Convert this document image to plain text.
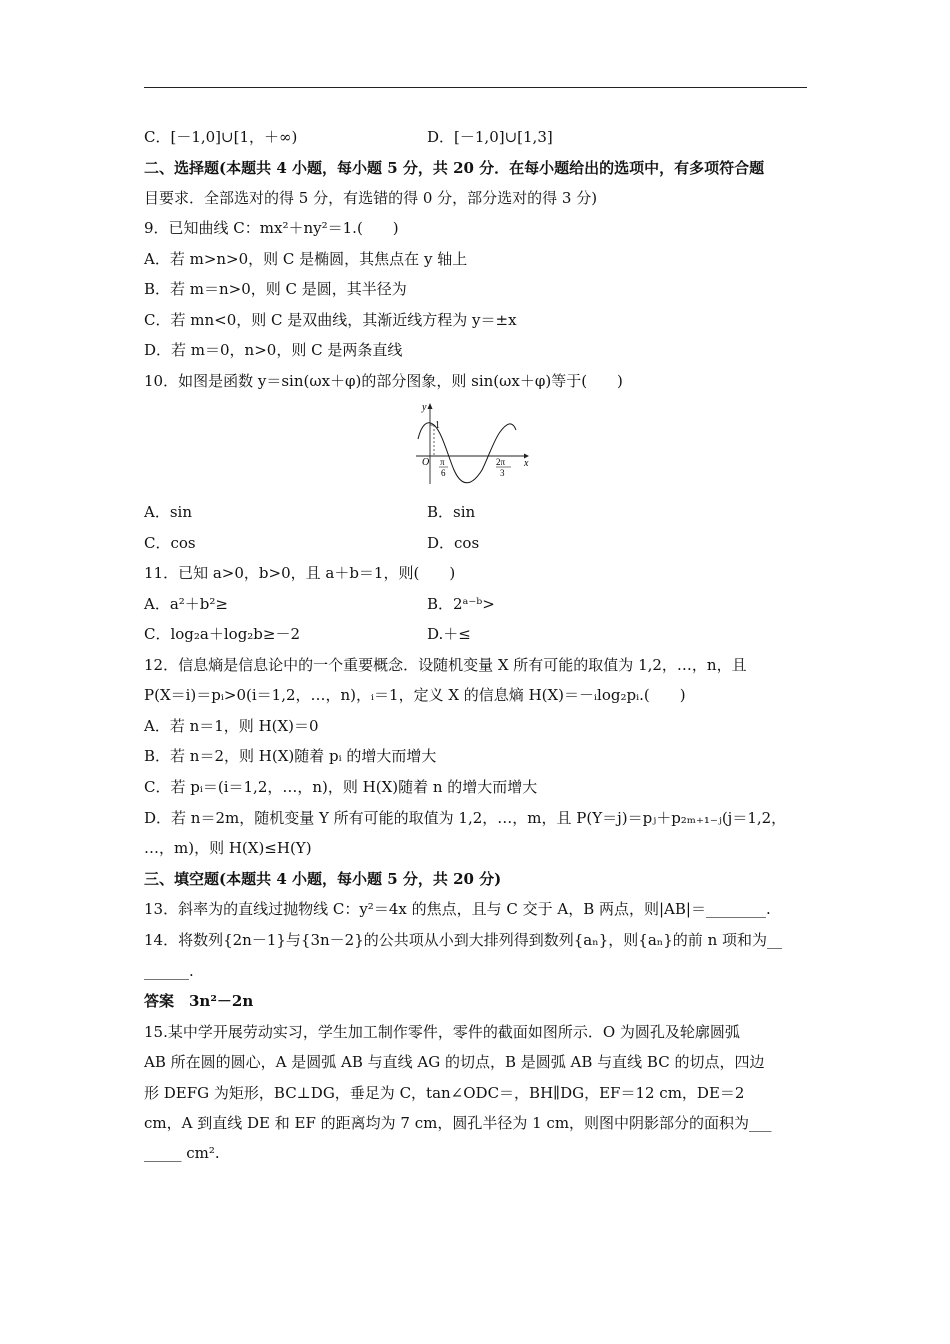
C．[－1,0]∪[1，＋∞)	D．[－1,0]∪[1,3]
二、选择题(本题共 4 小题，每小题 5 分，共 20 分．在每小题给出的选项中，有多项符合题
目要求．全部选对的得 5 分，有选错的得 0 分，部分选对的得 3 分)
9．已知曲线 C：mx²＋ny²＝1.(　　)
A．若 m>n>0，则 C 是椭圆，其焦点在 y 轴上
B．若 m＝n>0，则 C 是圆，其半径为
C．若 mn<0，则 C 是双曲线，其渐近线方程为 y＝±x
D．若 m＝0，n>0，则 C 是两条直线
10．如图是函数 y＝sin(ωx＋φ)的部分图象，则 sin(ωx＋φ)等于(　　)
y
x
O
1
π
6
2π
3
A．sin	B．sin
C．cos	D．cos
11．已知 a>0，b>0，且 a＋b＝1，则(　　)
A．a²＋b²≥	B．2ᵃ⁻ᵇ>
C．log₂a＋log₂b≥－2	D.＋≤
12．信息熵是信息论中的一个重要概念．设随机变量 X 所有可能的取值为 1,2，…，n，且
P(X＝i)＝pᵢ>0(i＝1,2，…，n)，ᵢ＝1，定义 X 的信息熵 H(X)＝－ᵢlog₂pᵢ.(　　)
A．若 n＝1，则 H(X)＝0
B．若 n＝2，则 H(X)随着 pᵢ 的增大而增大
C．若 pᵢ＝(i＝1,2，…，n)，则 H(X)随着 n 的增大而增大
D．若 n＝2m，随机变量 Y 所有可能的取值为 1,2，…，m，且 P(Y＝j)＝pⱼ＋p₂ₘ₊₁₋ⱼ(j＝1,2，
…，m)，则 H(X)≤H(Y)
三、填空题(本题共 4 小题，每小题 5 分，共 20 分)
13．斜率为的直线过抛物线 C：y²＝4x 的焦点，且与 C 交于 A，B 两点，则|AB|＝________.
14．将数列{2n－1}与{3n－2}的公共项从小到大排列得到数列{aₙ}，则{aₙ}的前 n 项和为__
______.
答案　3n²－2n
15.某中学开展劳动实习，学生加工制作零件，零件的截面如图所示．O 为圆孔及轮廓圆弧
AB 所在圆的圆心，A 是圆弧 AB 与直线 AG 的切点，B 是圆弧 AB 与直线 BC 的切点，四边
形 DEFG 为矩形，BC⊥DG，垂足为 C，tan∠ODC＝，BH∥DG，EF＝12 cm，DE＝2
cm，A 到直线 DE 和 EF 的距离均为 7 cm，圆孔半径为 1 cm，则图中阴影部分的面积为___
_____ cm².
